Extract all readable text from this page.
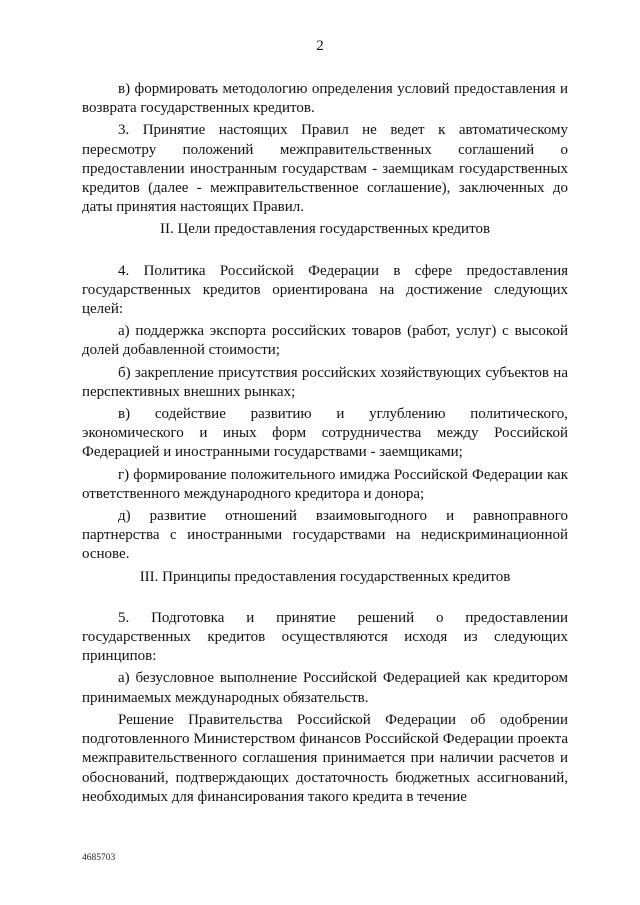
2

в) формировать методологию определения условий предоставления и возврата государственных кредитов.

3. Принятие настоящих Правил не ведет к автоматическому пересмотру положений межправительственных соглашений о предоставлении иностранным государствам - заемщикам государственных кредитов (далее - межправительственное соглашение), заключенных до даты принятия настоящих Правил.

II. Цели предоставления государственных кредитов

4. Политика Российской Федерации в сфере предоставления государственных кредитов ориентирована на достижение следующих целей:

а) поддержка экспорта российских товаров (работ, услуг) с высокой долей добавленной стоимости;

б) закрепление присутствия российских хозяйствующих субъектов на перспективных внешних рынках;

в) содействие развитию и углублению политического, экономического и иных форм сотрудничества между Российской Федерацией и иностранными государствами - заемщиками;

г) формирование положительного имиджа Российской Федерации как ответственного международного кредитора и донора;

д) развитие отношений взаимовыгодного и равноправного партнерства с иностранными государствами на недискриминационной основе.

III. Принципы предоставления государственных кредитов

5. Подготовка и принятие решений о предоставлении государственных кредитов осуществляются исходя из следующих принципов:

а) безусловное выполнение Российской Федерацией как кредитором принимаемых международных обязательств.

Решение Правительства Российской Федерации об одобрении подготовленного Министерством финансов Российской Федерации проекта межправительственного соглашения принимается при наличии расчетов и обоснований, подтверждающих достаточность бюджетных ассигнований, необходимых для финансирования такого кредита в течение

4685703
